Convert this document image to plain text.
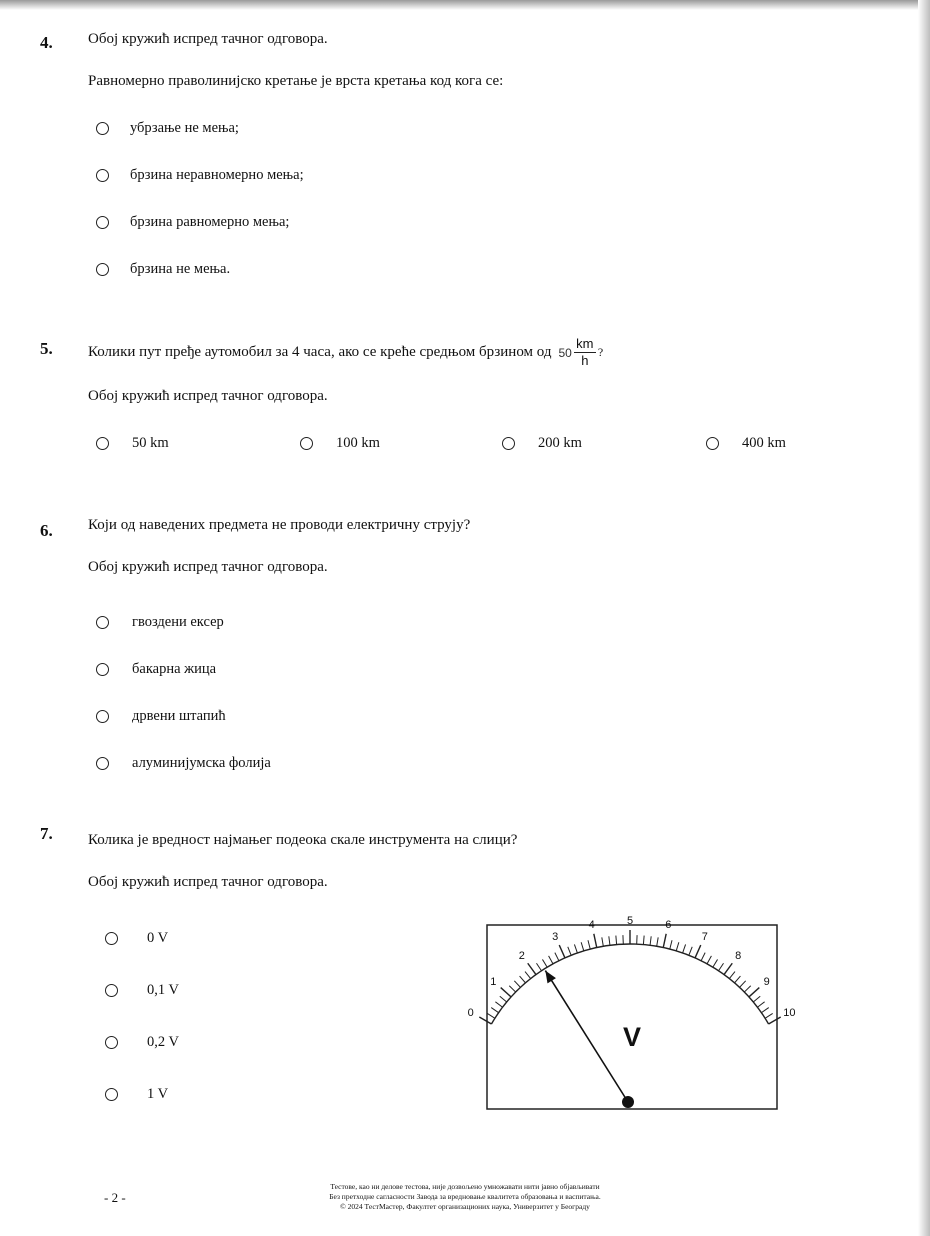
4. Обој кружић испред тачног одговора.
Равномерно праволинијско кретање је врста кретања код кога се:
убрзање не мења;
брзина неравномерно мења;
брзина равномерно мења;
брзина не мења.
5. Колики пут пређе аутомобил за 4 часа, ако се креће средњом брзином од $50 \frac{km}{h}$ ?
Обој кружић испред тачног одговора.
50 km	100 km	200 km	400 km
6. Који од наведених предмета не проводи електричну струју?
Обој кружић испред тачног одговора.
гвоздени ексер
бакарна жица
дрвени штапић
алуминијумска фолија
7. Колика је вредност најмањег подеока скале инструмента на слици?
Обој кружић испред тачног одговора.
0 V
0,1 V
0,2 V
1 V
0
1
2
3
4	5	6
7
8
9
10
V
- 2 -
Тестове, као ни делове тестова, није дозвољено умножавати нити јавно објављивати
Без претходне сагласности Завода за вредновање квалитета образовања и васпитања.
© 2024 ТестМастер, Факултет организационих наука, Универзитет у Београду
